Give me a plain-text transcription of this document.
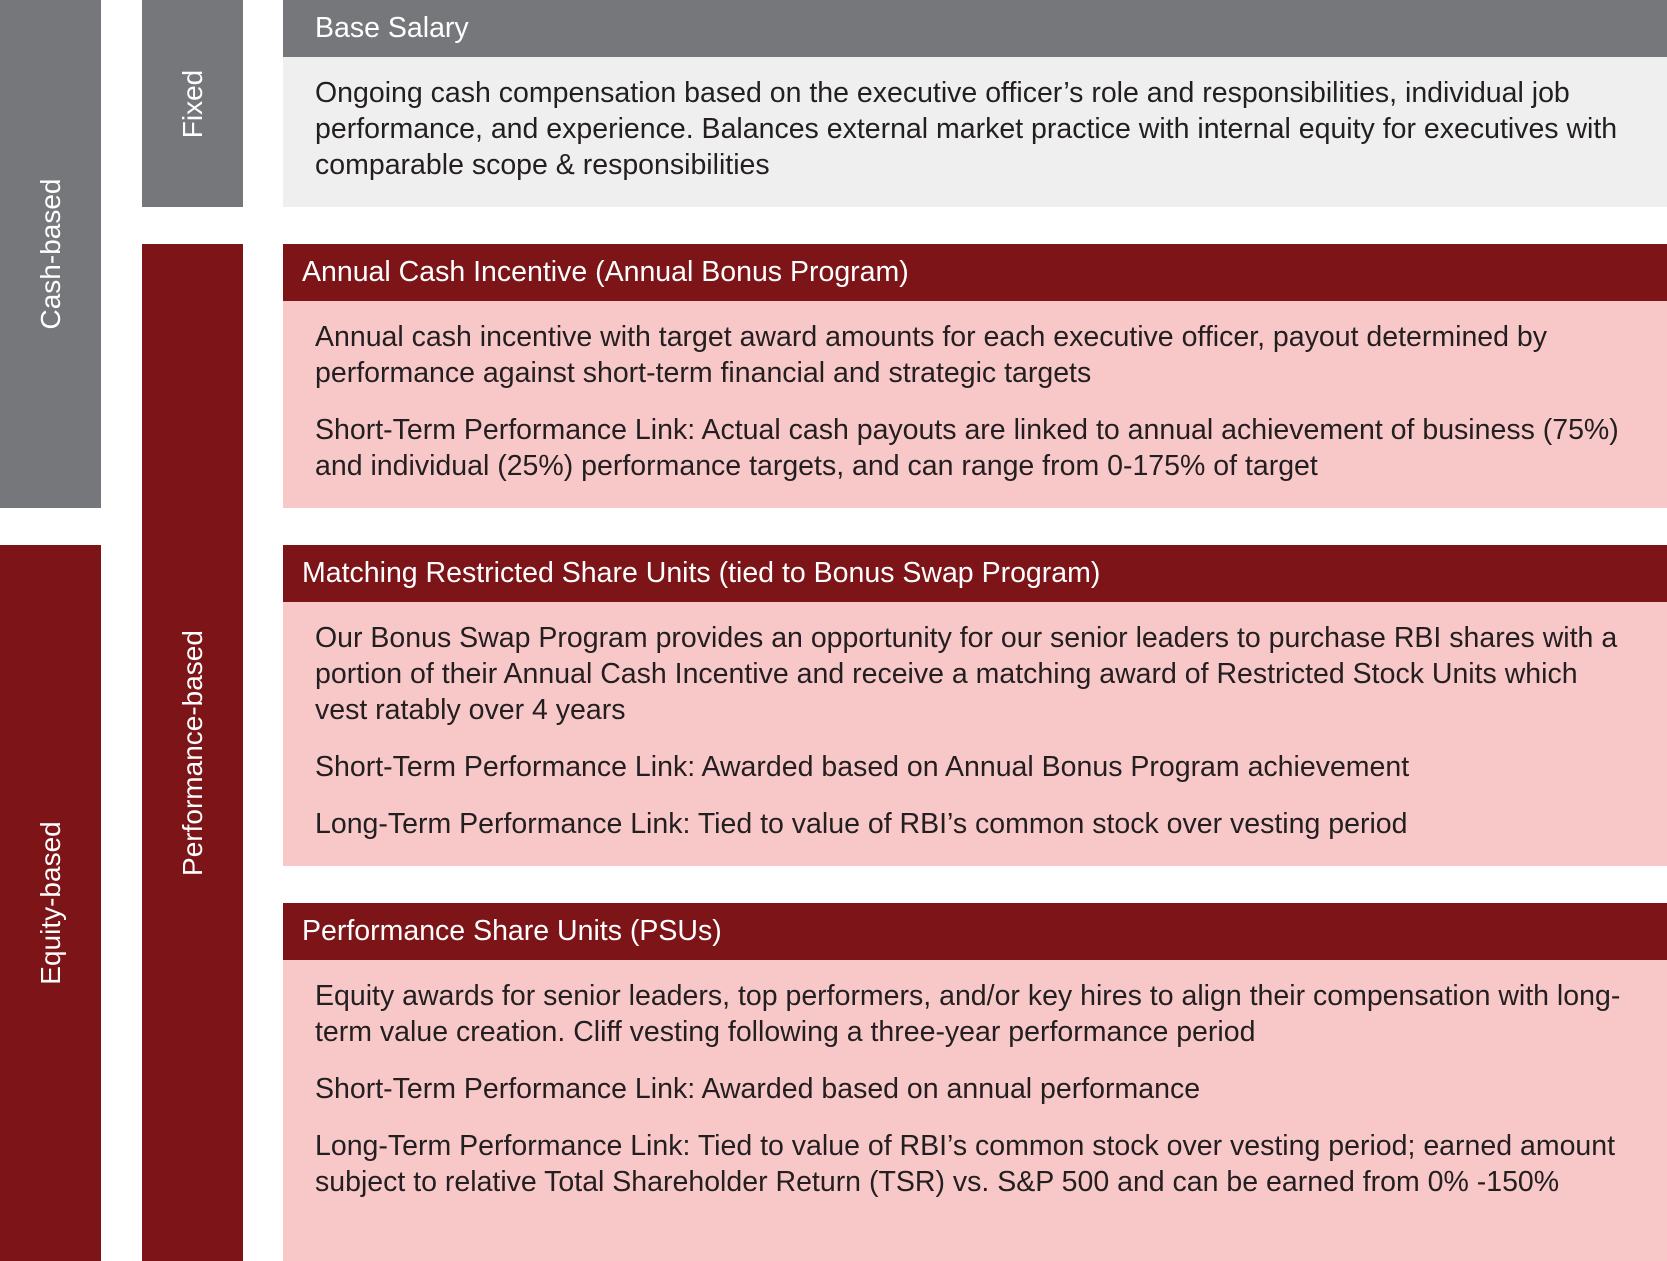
Cash-based
Equity-based
Fixed
Performance-based
Base Salary

Ongoing cash compensation based on the executive officer’s role and responsibilities, individual job performance, and experience. Balances external market practice with internal equity for executives with comparable scope & responsibilities

Annual Cash Incentive (Annual Bonus Program)

Annual cash incentive with target award amounts for each executive officer, payout determined by performance against short-term financial and strategic targets

Short-Term Performance Link: Actual cash payouts are linked to annual achievement of business (75%) and individual (25%) performance targets, and can range from 0-175% of target

Matching Restricted Share Units (tied to Bonus Swap Program)

Our Bonus Swap Program provides an opportunity for our senior leaders to purchase RBI shares with a portion of their Annual Cash Incentive and receive a matching award of Restricted Stock Units which vest ratably over 4 years

Short-Term Performance Link: Awarded based on Annual Bonus Program achievement

Long-Term Performance Link: Tied to value of RBI’s common stock over vesting period

Performance Share Units (PSUs)

Equity awards for senior leaders, top performers, and/or key hires to align their compensation with long-term value creation. Cliff vesting following a three-year performance period

Short-Term Performance Link: Awarded based on annual performance

Long-Term Performance Link: Tied to value of RBI’s common stock over vesting period; earned amount subject to relative Total Shareholder Return (TSR) vs. S&P 500 and can be earned from 0% -150%
